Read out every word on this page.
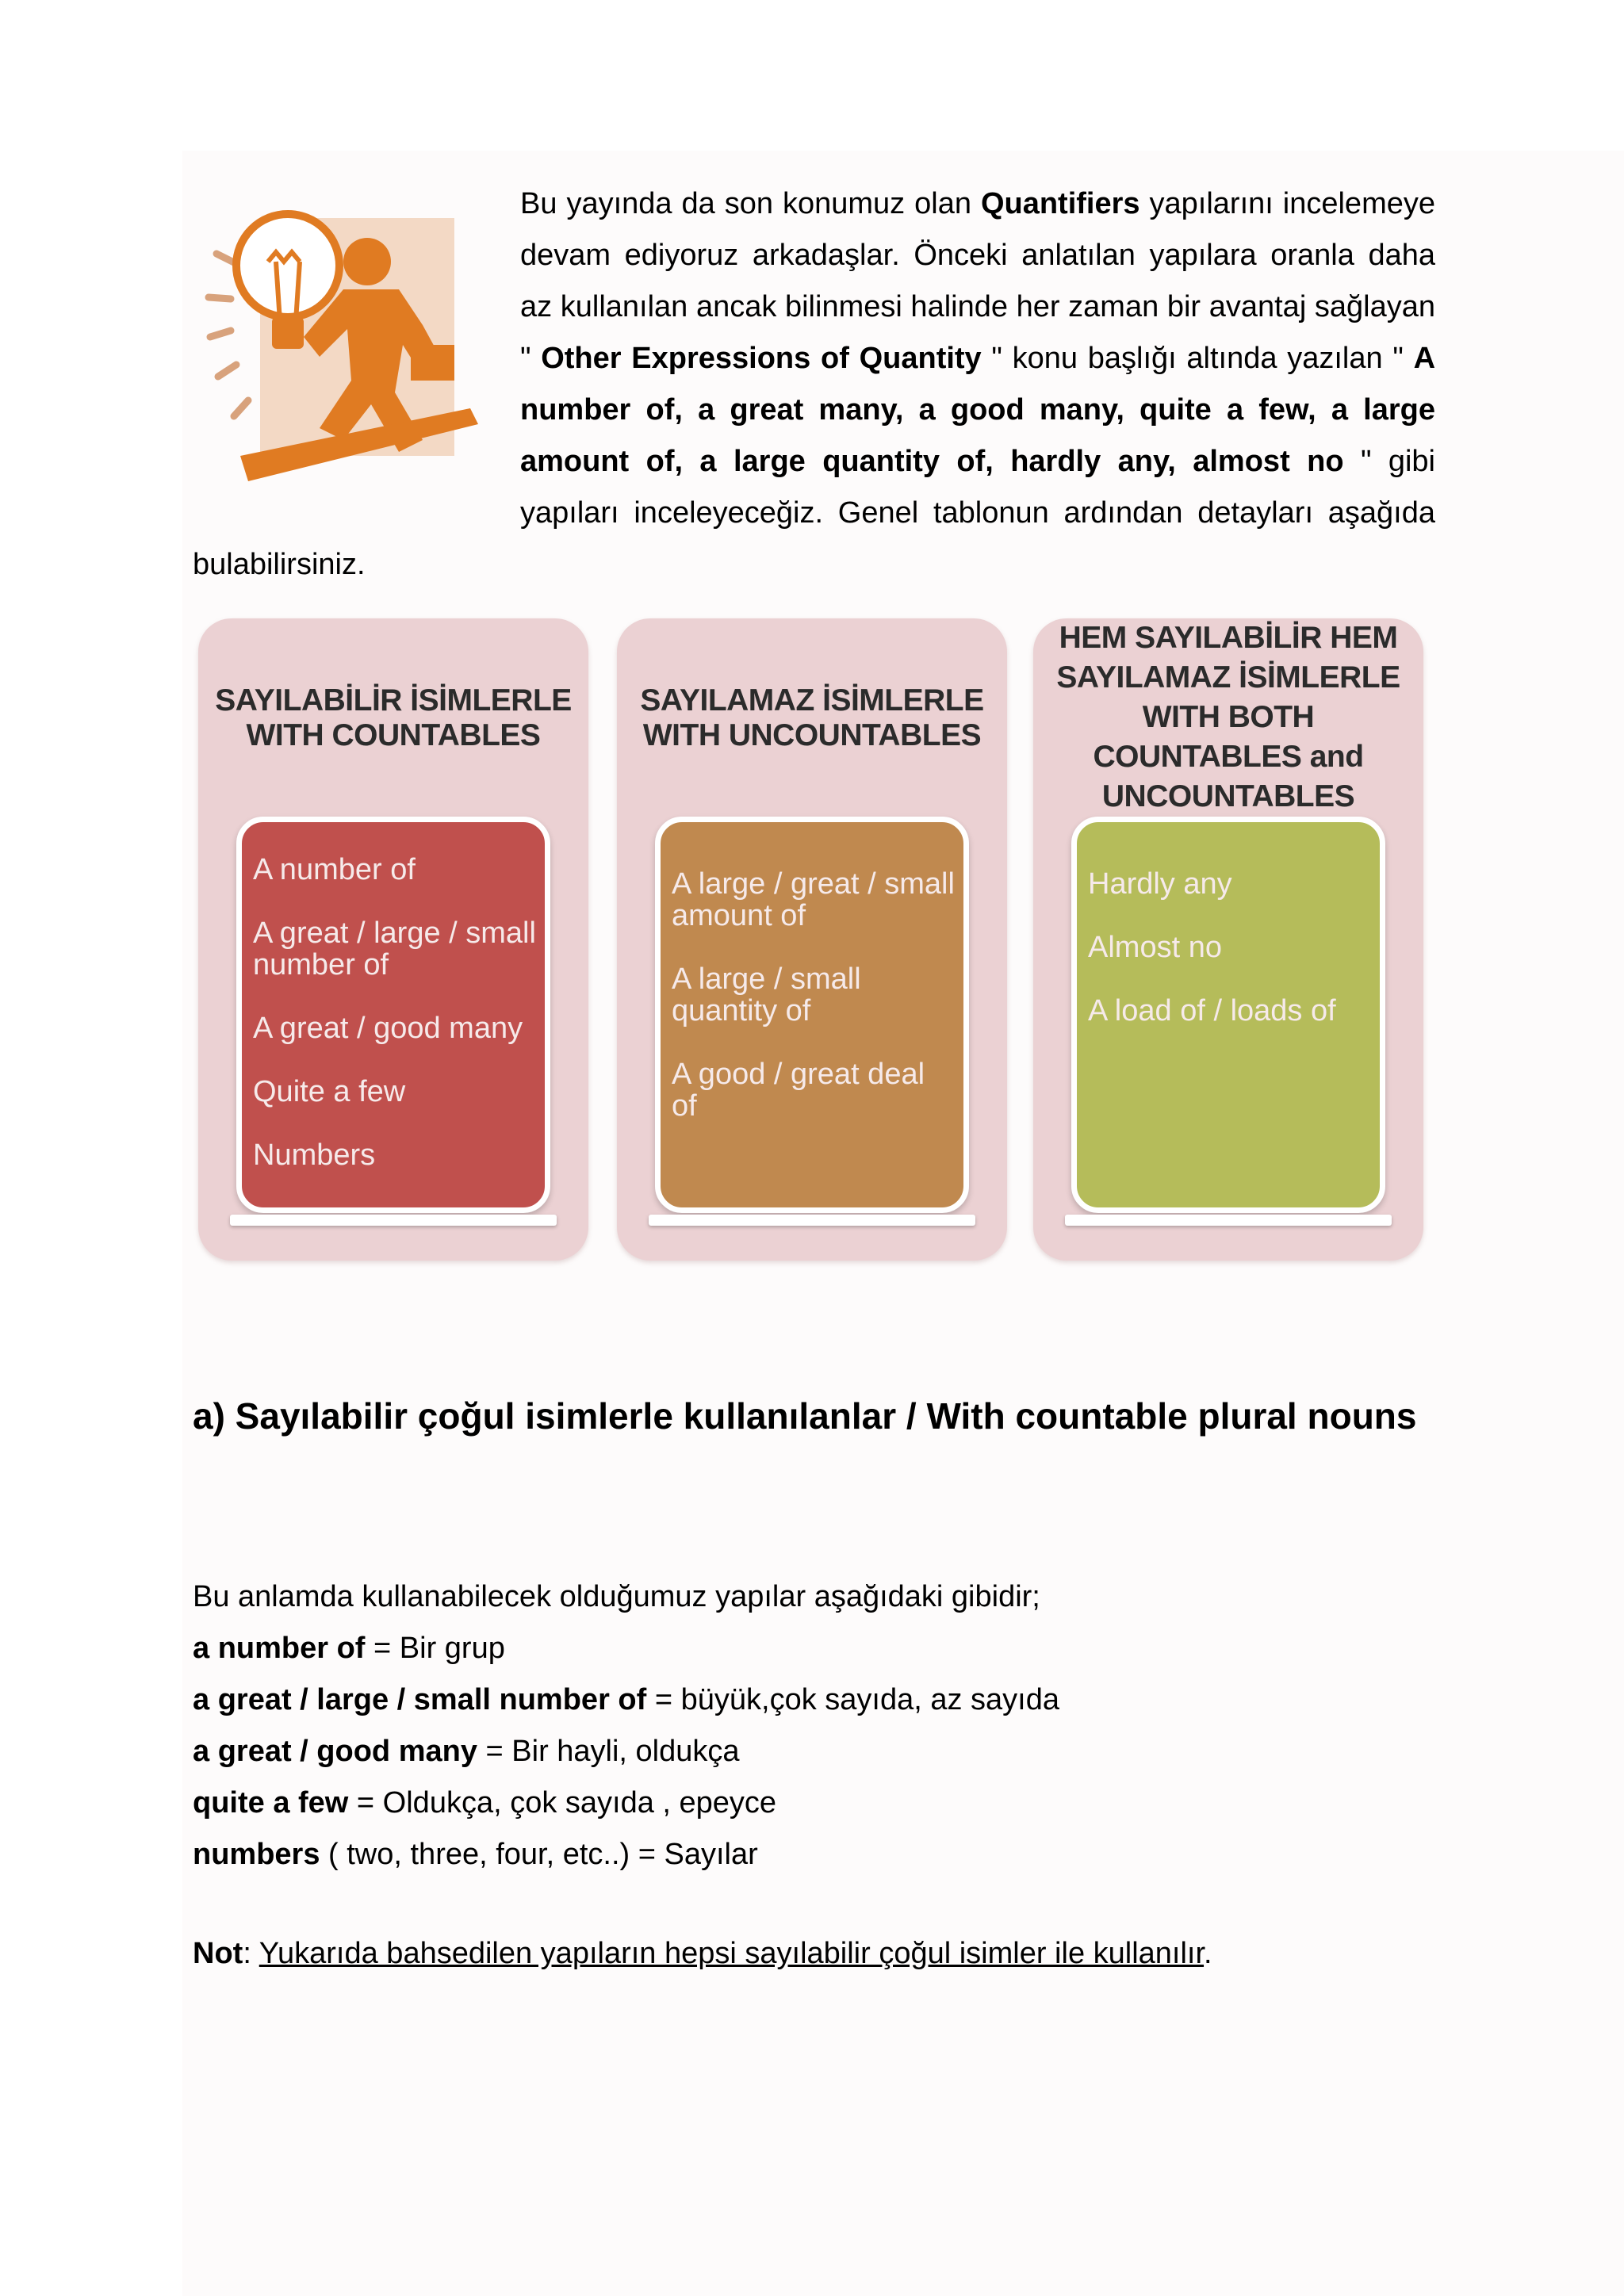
Bu yayında da son konumuz olan Quantifiers yapılarını incelemeye devam ediyoruz arkadaşlar. Önceki anlatılan yapılara oranla daha az kullanılan ancak bilinmesi halinde her zaman bir avantaj sağlayan " Other Expressions of Quantity " konu başlığı altında yazılan " A number of, a great many, a good many, quite a few, a large amount of, a large quantity of, hardly any, almost no " gibi yapıları inceleyeceğiz. Genel tablonun ardından detayları aşağıda bulabilirsiniz.
SAYILABİLİR İSİMLERLE
WITH COUNTABLES
A number of
A great / large / small number of
A great / good many
Quite a few
Numbers
SAYILAMAZ İSİMLERLE
WITH UNCOUNTABLES
A large / great / small amount of
A large / small quantity of
A good / great deal of
HEM SAYILABİLİR HEM
SAYILAMAZ İSİMLERLE
WITH BOTH
COUNTABLES and
UNCOUNTABLES
Hardly any
Almost no
A load of / loads of
a) Sayılabilir çoğul isimlerle kullanılanlar / With countable plural nouns
Bu anlamda kullanabilecek olduğumuz yapılar aşağıdaki gibidir;
a number of = Bir grup
a great / large / small number of = büyük,çok sayıda, az sayıda
a great / good many = Bir hayli, oldukça
quite a few = Oldukça, çok sayıda , epeyce
numbers ( two, three, four, etc..) = Sayılar
Not: Yukarıda bahsedilen yapıların hepsi sayılabilir çoğul isimler ile kullanılır.
